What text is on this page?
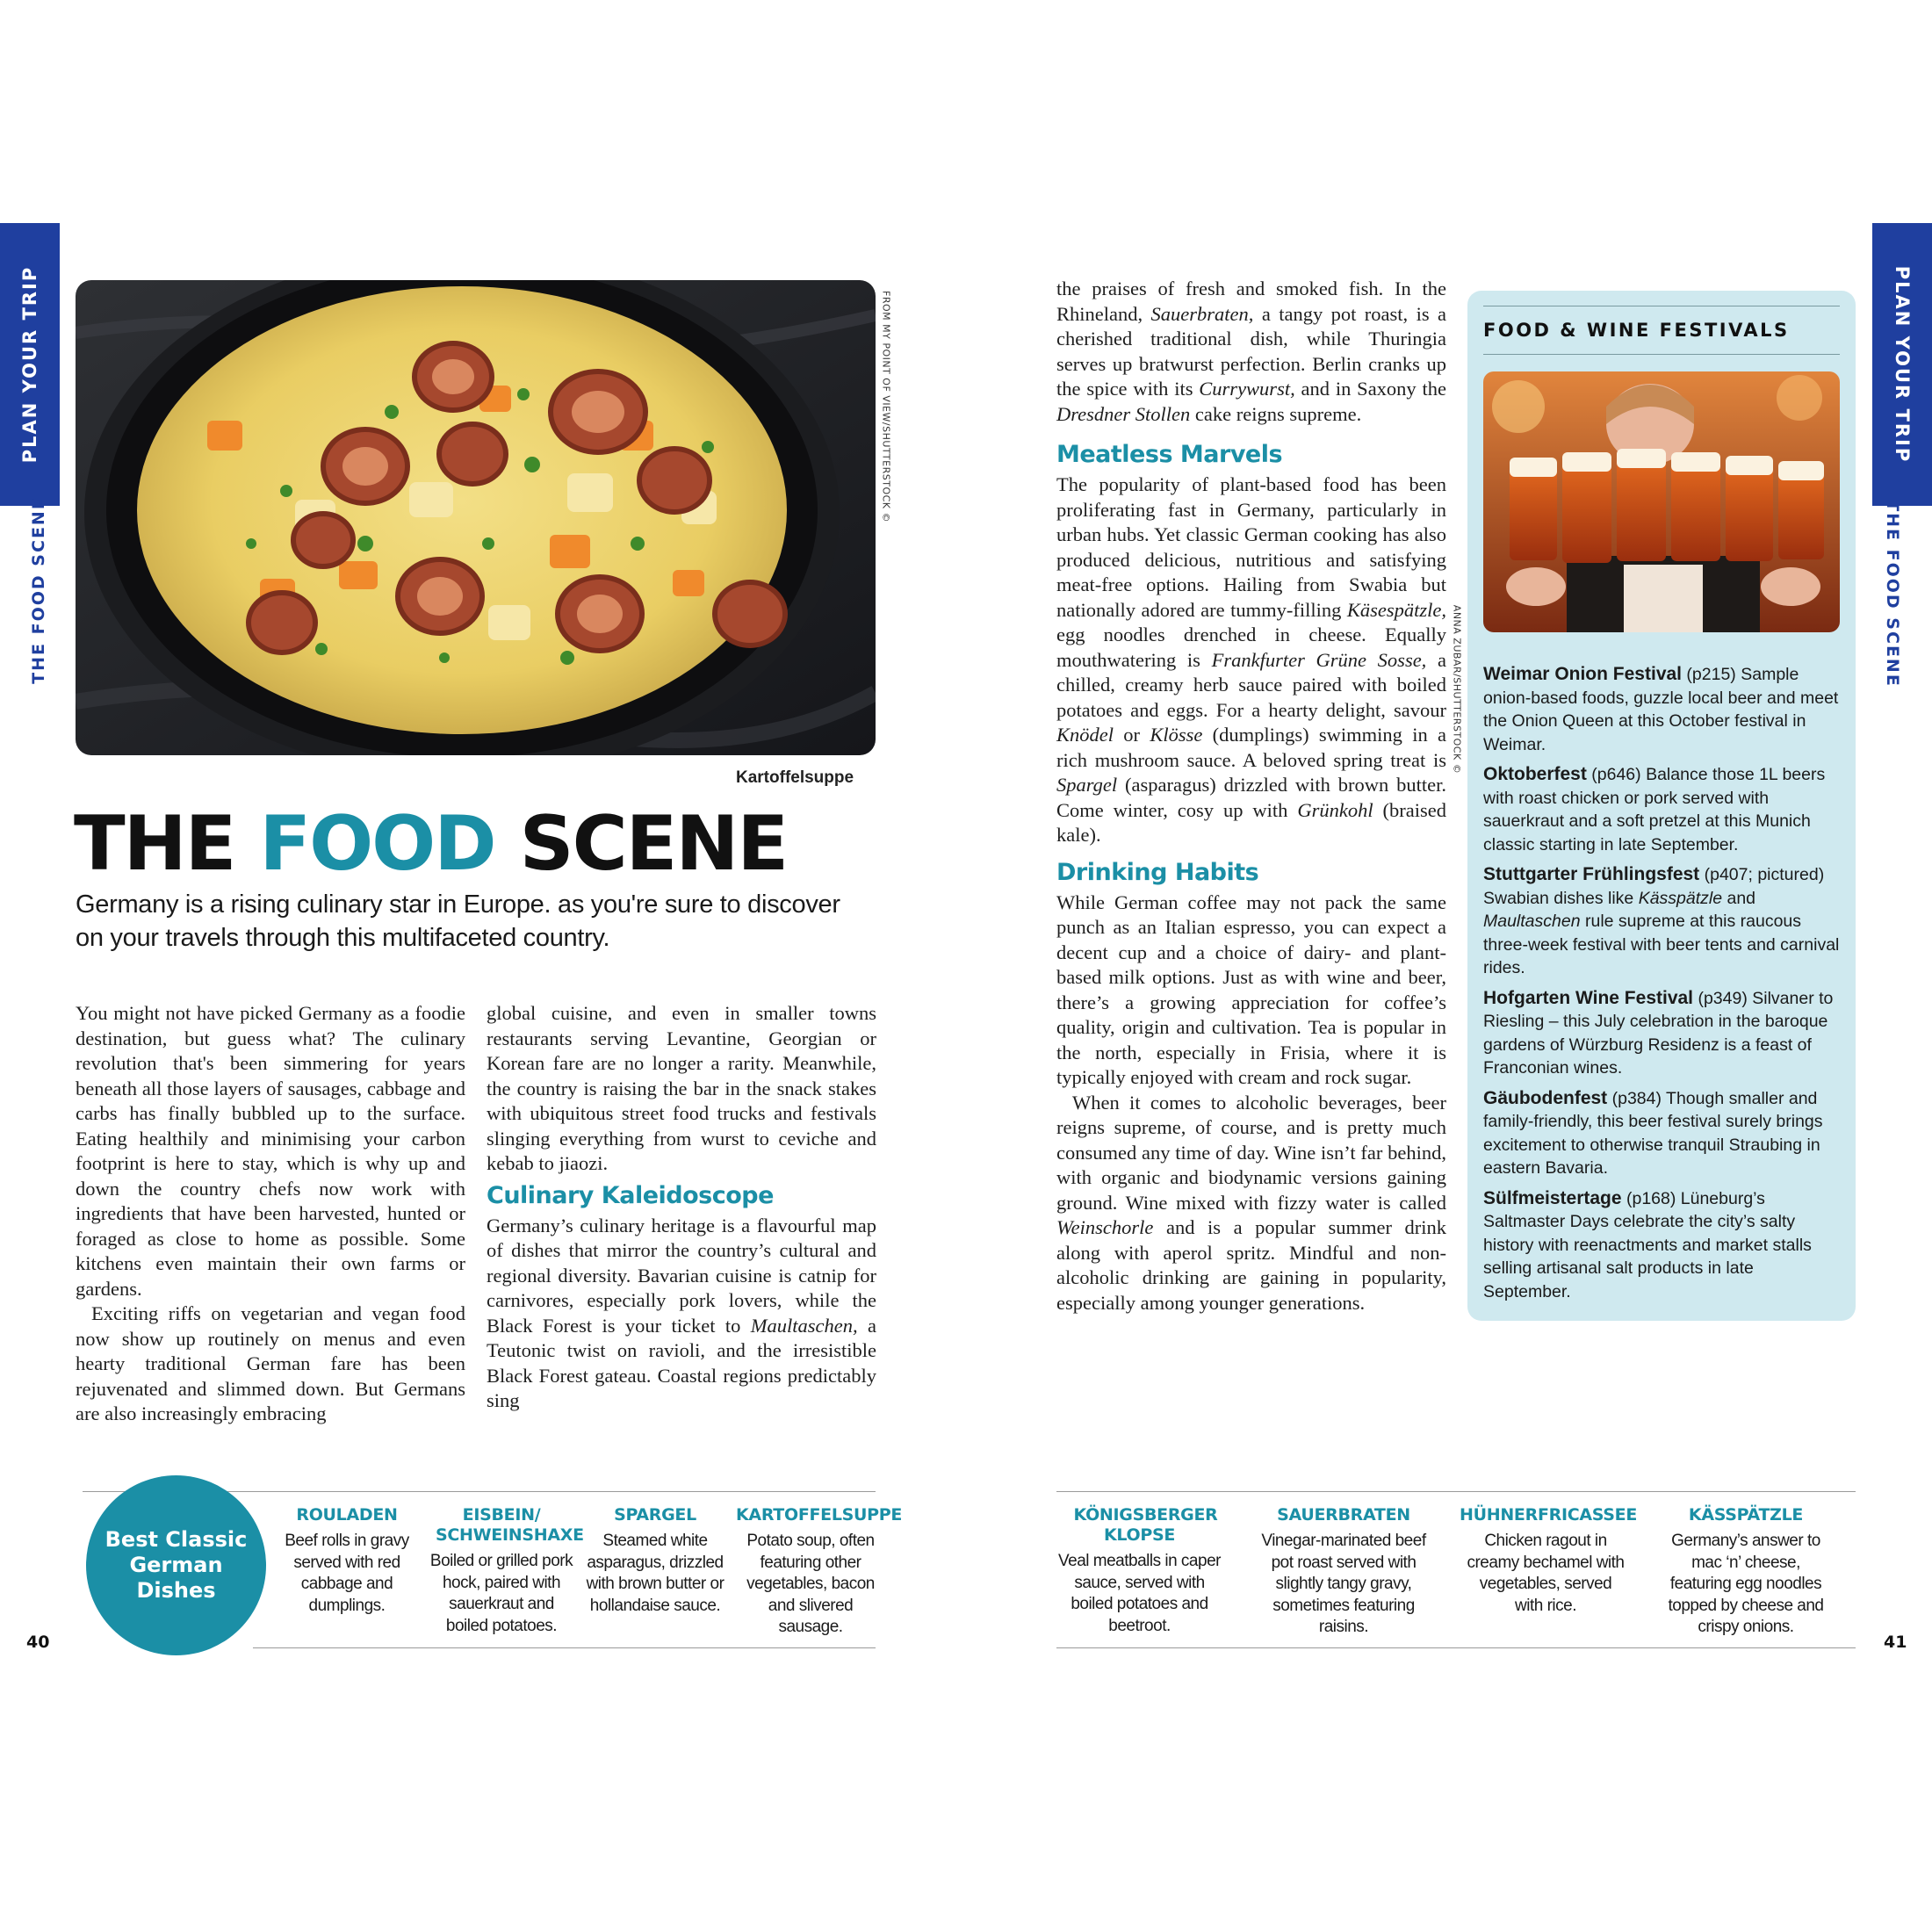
PLAN YOUR TRIP
THE FOOD SCENE
PLAN YOUR TRIP
THE FOOD SCENE
FROM MY POINT OF VIEW/SHUTTERSTOCK ©
Kartoffelsuppe
THE FOOD SCENE
Germany is a rising culinary star in Europe. as you're sure to discover on your travels through this multifaceted country.

You might not have picked Germany as a foodie destination, but guess what? The culinary revolution that's been simmering for years beneath all those layers of sausages, cabbage and carbs has finally bubbled up to the surface. Eating healthily and minimising your carbon footprint is here to stay, which is why up and down the country chefs now work with ingredients that have been harvested, hunted or foraged as close to home as possible. Some kitchens even maintain their own farms or gardens.

Exciting riffs on vegetarian and vegan food now show up routinely on menus and even hearty traditional German fare has been rejuvenated and slimmed down. But Germans are also increasingly embracing

global cuisine, and even in smaller towns restaurants serving Levantine, Georgian or Korean fare are no longer a rarity. Meanwhile, the country is raising the bar in the snack stakes with ubiquitous street food trucks and festivals slinging everything from wurst to ceviche and kebab to jiaozi.

Culinary Kaleidoscope

Germany’s culinary heritage is a flavourful map of dishes that mirror the country’s cultural and regional diversity. Bavarian cuisine is catnip for carnivores, especially pork lovers, while the Black Forest is your ticket to Maultaschen, a Teutonic twist on ravioli, and the irresistible Black Forest gateau. Coastal regions predictably sing

the praises of fresh and smoked fish. In the Rhineland, Sauerbraten, a tangy pot roast, is a cherished traditional dish, while Thuringia serves up bratwurst perfection. Berlin cranks up the spice with its Currywurst, and in Saxony the Dresdner Stollen cake reigns supreme.

Meatless Marvels

The popularity of plant-based food has been proliferating fast in Germany, particularly in urban hubs. Yet classic German cooking has also produced delicious, nutritious and satisfying meat-free options. Hailing from Swabia but nationally adored are tummy-filling Käsespätzle, egg noodles drenched in cheese. Equally mouthwatering is Frankfurter Grüne Sosse, a chilled, creamy herb sauce paired with boiled potatoes and eggs. For a hearty delight, savour Knödel or Klösse (dumplings) swimming in a rich mushroom sauce. A beloved spring treat is Spargel (asparagus) drizzled with brown butter. Come winter, cosy up with Grünkohl (braised kale).

Drinking Habits

While German coffee may not pack the same punch as an Italian espresso, you can expect a decent cup and a choice of dairy- and plant-based milk options. Just as with wine and beer, there’s a growing appreciation for coffee’s quality, origin and cultivation. Tea is popular in the north, especially in Frisia, where it is typically enjoyed with cream and rock sugar.

When it comes to alcoholic beverages, beer reigns supreme, of course, and is pretty much consumed any time of day. Wine isn’t far behind, with organic and biodynamic versions gaining ground. Wine mixed with fizzy water is called Weinschorle and is a popular summer drink along with aperol spritz. Mindful and non-alcoholic drinking are gaining in popularity, especially among younger generations.

ANNA ZUBAR/SHUTTERSTOCK ©
FOOD & WINE FESTIVALS
Weimar Onion Festival (p215) Sample onion-based foods, guzzle local beer and meet the Onion Queen at this October festival in Weimar.
Oktoberfest (p646) Balance those 1L beers with roast chicken or pork served with sauerkraut and a soft pretzel at this Munich classic starting in late September.
Stuttgarter Frühlingsfest (p407; pictured) Swabian dishes like Kässpätzle and Maultaschen rule supreme at this raucous three-week festival with beer tents and carnival rides.
Hofgarten Wine Festival (p349) Silvaner to Riesling – this July celebration in the baroque gardens of Würzburg Residenz is a feast of Franconian wines.
Gäubodenfest (p384) Though smaller and family-friendly, this beer festival surely brings excitement to otherwise tranquil Straubing in eastern Bavaria.
Sülfmeistertage (p168) Lüneburg’s Saltmaster Days celebrate the city’s salty history with reenactments and market stalls selling artisanal salt products in late September.
Best Classic German Dishes
ROULADEN
Beef rolls in gravy served with red cabbage and dumplings.
EISBEIN/ SCHWEINSHAXE
Boiled or grilled pork hock, paired with sauerkraut and boiled potatoes.
SPARGEL
Steamed white asparagus, drizzled with brown butter or hollandaise sauce.
KARTOFFELSUPPE
Potato soup, often featuring other vegetables, bacon and slivered sausage.
KÖNIGSBERGER KLOPSE
Veal meatballs in caper sauce, served with boiled potatoes and beetroot.
SAUERBRATEN
Vinegar-marinated beef pot roast served with slightly tangy gravy, sometimes featuring raisins.
HÜHNERFRICASSEE
Chicken ragout in creamy bechamel with vegetables, served with rice.
KÄSSPÄTZLE
Germany’s answer to mac ‘n’ cheese, featuring egg noodles topped by cheese and crispy onions.
40	41
